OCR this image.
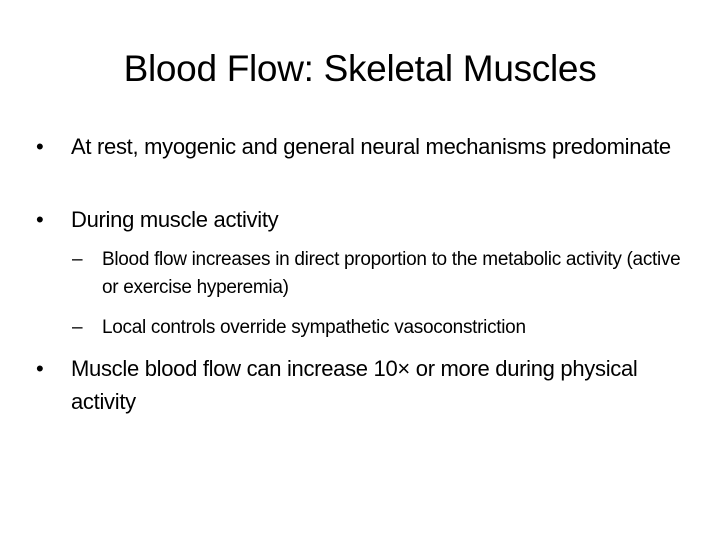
Blood Flow: Skeletal Muscles
•	At rest, myogenic and general neural mechanisms predominate
•	During muscle activity
–	Blood flow increases in direct proportion to the metabolic activity (active or exercise hyperemia)
–	Local controls override sympathetic vasoconstriction
•	Muscle blood flow can increase 10× or more during physical activity
